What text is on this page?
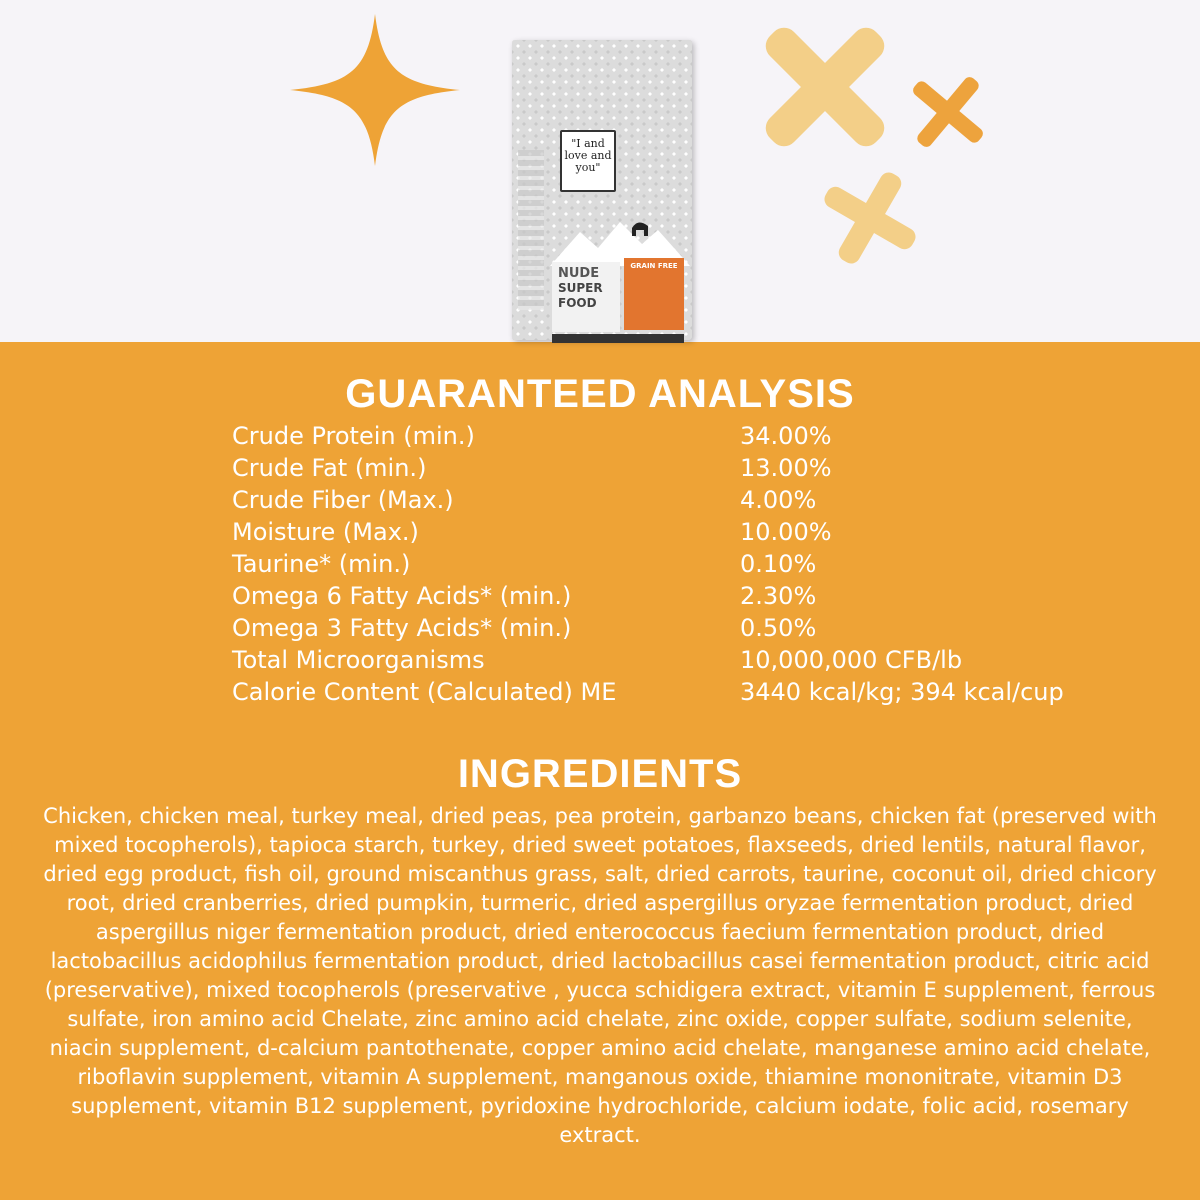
"I and love and you"
NUDE
SUPER
FOOD
GRAIN FREE
GUARANTEED ANALYSIS
Crude Protein (min.)	34.00%
Crude Fat (min.)	13.00%
Crude Fiber (Max.)	4.00%
Moisture (Max.)	10.00%
Taurine* (min.)	0.10%
Omega 6 Fatty Acids* (min.)	2.30%
Omega 3 Fatty Acids* (min.)	0.50%
Total Microorganisms	10,000,000 CFB/lb
Calorie Content (Calculated) ME	3440 kcal/kg; 394 kcal/cup
INGREDIENTS
Chicken, chicken meal, turkey meal, dried peas, pea protein, garbanzo beans, chicken fat (preserved with mixed tocopherols), tapioca starch, turkey, dried sweet potatoes, flaxseeds, dried lentils, natural flavor, dried egg product, fish oil, ground miscanthus grass, salt, dried carrots, taurine, coconut oil, dried chicory root, dried cranberries, dried pumpkin, turmeric, dried aspergillus oryzae fermentation product, dried aspergillus niger fermentation product, dried enterococcus faecium fermentation product, dried lactobacillus acidophilus fermentation product, dried lactobacillus casei fermentation product, citric acid (preservative), mixed tocopherols (preservative , yucca schidigera extract, vitamin E supplement, ferrous sulfate, iron amino acid Chelate, zinc amino acid chelate, zinc oxide, copper sulfate, sodium selenite, niacin supplement, d-calcium pantothenate, copper amino acid chelate, manganese amino acid chelate, riboflavin supplement, vitamin A supplement, manganous oxide, thiamine mononitrate, vitamin D3 supplement, vitamin B12 supplement, pyridoxine hydrochloride, calcium iodate, folic acid, rosemary extract.
